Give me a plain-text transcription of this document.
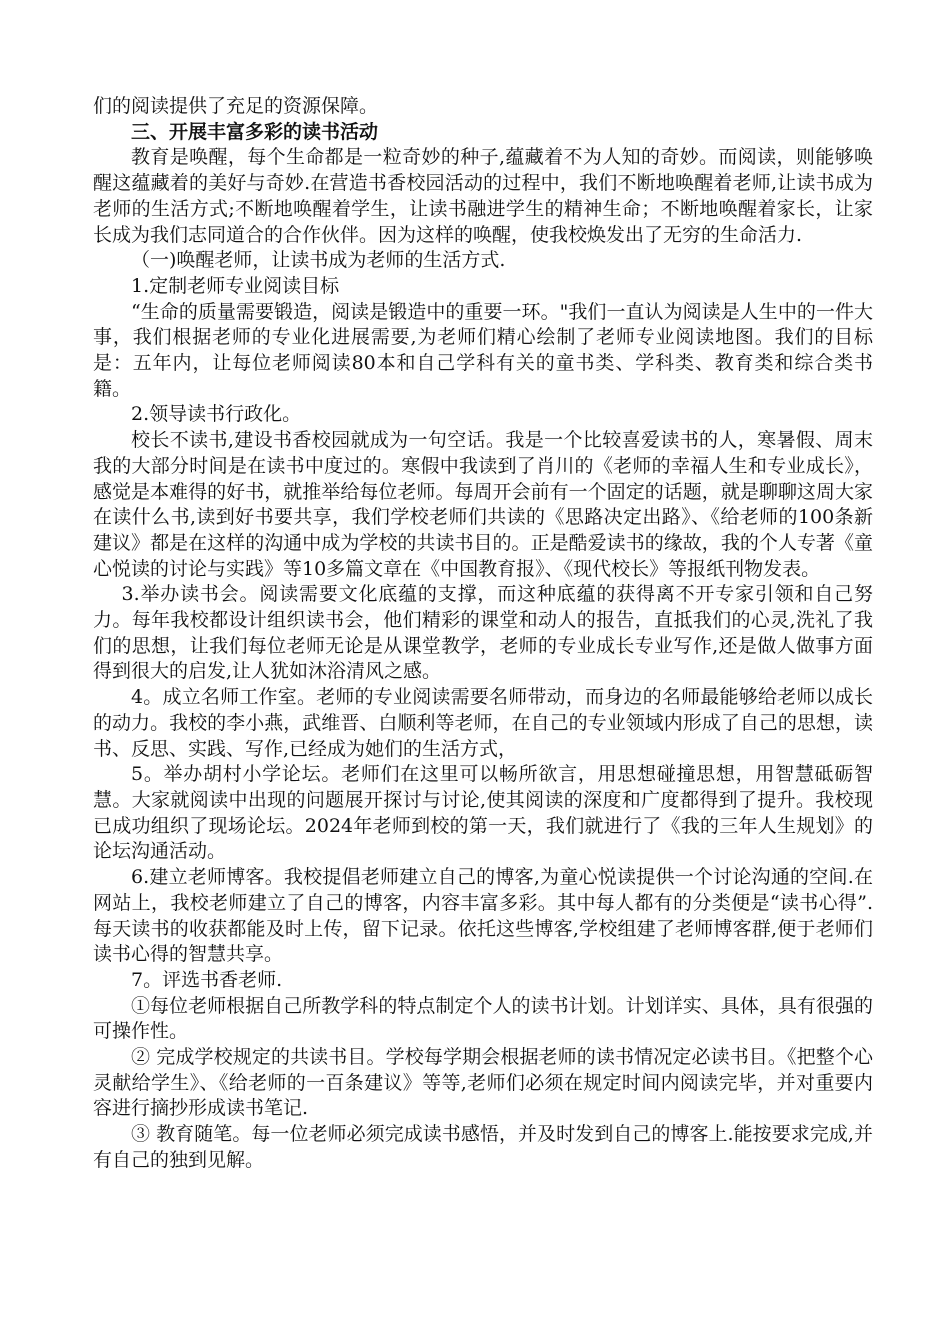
们的阅读提供了充足的资源保障。

三、开展丰富多彩的读书活动

教育是唤醒，每个生命都是一粒奇妙的种子,蕴藏着不为人知的奇妙。而阅读，则能够唤醒这蕴藏着的美好与奇妙.在营造书香校园活动的过程中，我们不断地唤醒着老师,让读书成为老师的生活方式;不断地唤醒着学生，让读书融进学生的精神生命；不断地唤醒着家长，让家长成为我们志同道合的合作伙伴。因为这样的唤醒，使我校焕发出了无穷的生命活力.

（一)唤醒老师，让读书成为老师的生活方式.

1.定制老师专业阅读目标

“生命的质量需要锻造，阅读是锻造中的重要一环。"我们一直认为阅读是人生中的一件大事，我们根据老师的专业化进展需要,为老师们精心绘制了老师专业阅读地图。我们的目标是：五年内，让每位老师阅读80本和自己学科有关的童书类、学科类、教育类和综合类书籍。

2.领导读书行政化。

校长不读书,建设书香校园就成为一句空话。我是一个比较喜爱读书的人，寒暑假、周末我的大部分时间是在读书中度过的。寒假中我读到了肖川的《老师的幸福人生和专业成长》，感觉是本难得的好书，就推举给每位老师。每周开会前有一个固定的话题，就是聊聊这周大家在读什么书,读到好书要共享，我们学校老师们共读的《思路决定出路》、《给老师的100条新建议》都是在这样的沟通中成为学校的共读书目的。正是酷爱读书的缘故，我的个人专著《童心悦读的讨论与实践》等10多篇文章在《中国教育报》、《现代校长》等报纸刊物发表。

3.举办读书会。阅读需要文化底蕴的支撑，而这种底蕴的获得离不开专家引领和自己努力。每年我校都设计组织读书会，他们精彩的课堂和动人的报告，直抵我们的心灵,洗礼了我们的思想，让我们每位老师无论是从课堂教学，老师的专业成长专业写作,还是做人做事方面得到很大的启发,让人犹如沐浴清风之感。

4。成立名师工作室。老师的专业阅读需要名师带动，而身边的名师最能够给老师以成长的动力。我校的李小燕，武维晋、白顺利等老师，在自己的专业领域内形成了自己的思想，读书、反思、实践、写作,已经成为她们的生活方式，

5。举办胡村小学论坛。老师们在这里可以畅所欲言，用思想碰撞思想，用智慧砥砺智慧。大家就阅读中出现的问题展开探讨与讨论,使其阅读的深度和广度都得到了提升。我校现已成功组织了现场论坛。2024年老师到校的第一天，我们就进行了《我的三年人生规划》的论坛沟通活动。

6.建立老师博客。我校提倡老师建立自己的博客,为童心悦读提供一个讨论沟通的空间.在网站上，我校老师建立了自己的博客，内容丰富多彩。其中每人都有的分类便是“读书心得”.每天读书的收获都能及时上传，留下记录。依托这些博客,学校组建了老师博客群,便于老师们读书心得的智慧共享。

7。评选书香老师.

①每位老师根据自己所教学科的特点制定个人的读书计划。计划详实、具体，具有很强的可操作性。

② 完成学校规定的共读书目。学校每学期会根据老师的读书情况定必读书目。《把整个心灵献给学生》、《给老师的一百条建议》等等,老师们必须在规定时间内阅读完毕，并对重要内容进行摘抄形成读书笔记.

③ 教育随笔。每一位老师必须完成读书感悟，并及时发到自己的博客上.能按要求完成,并有自己的独到见解。
